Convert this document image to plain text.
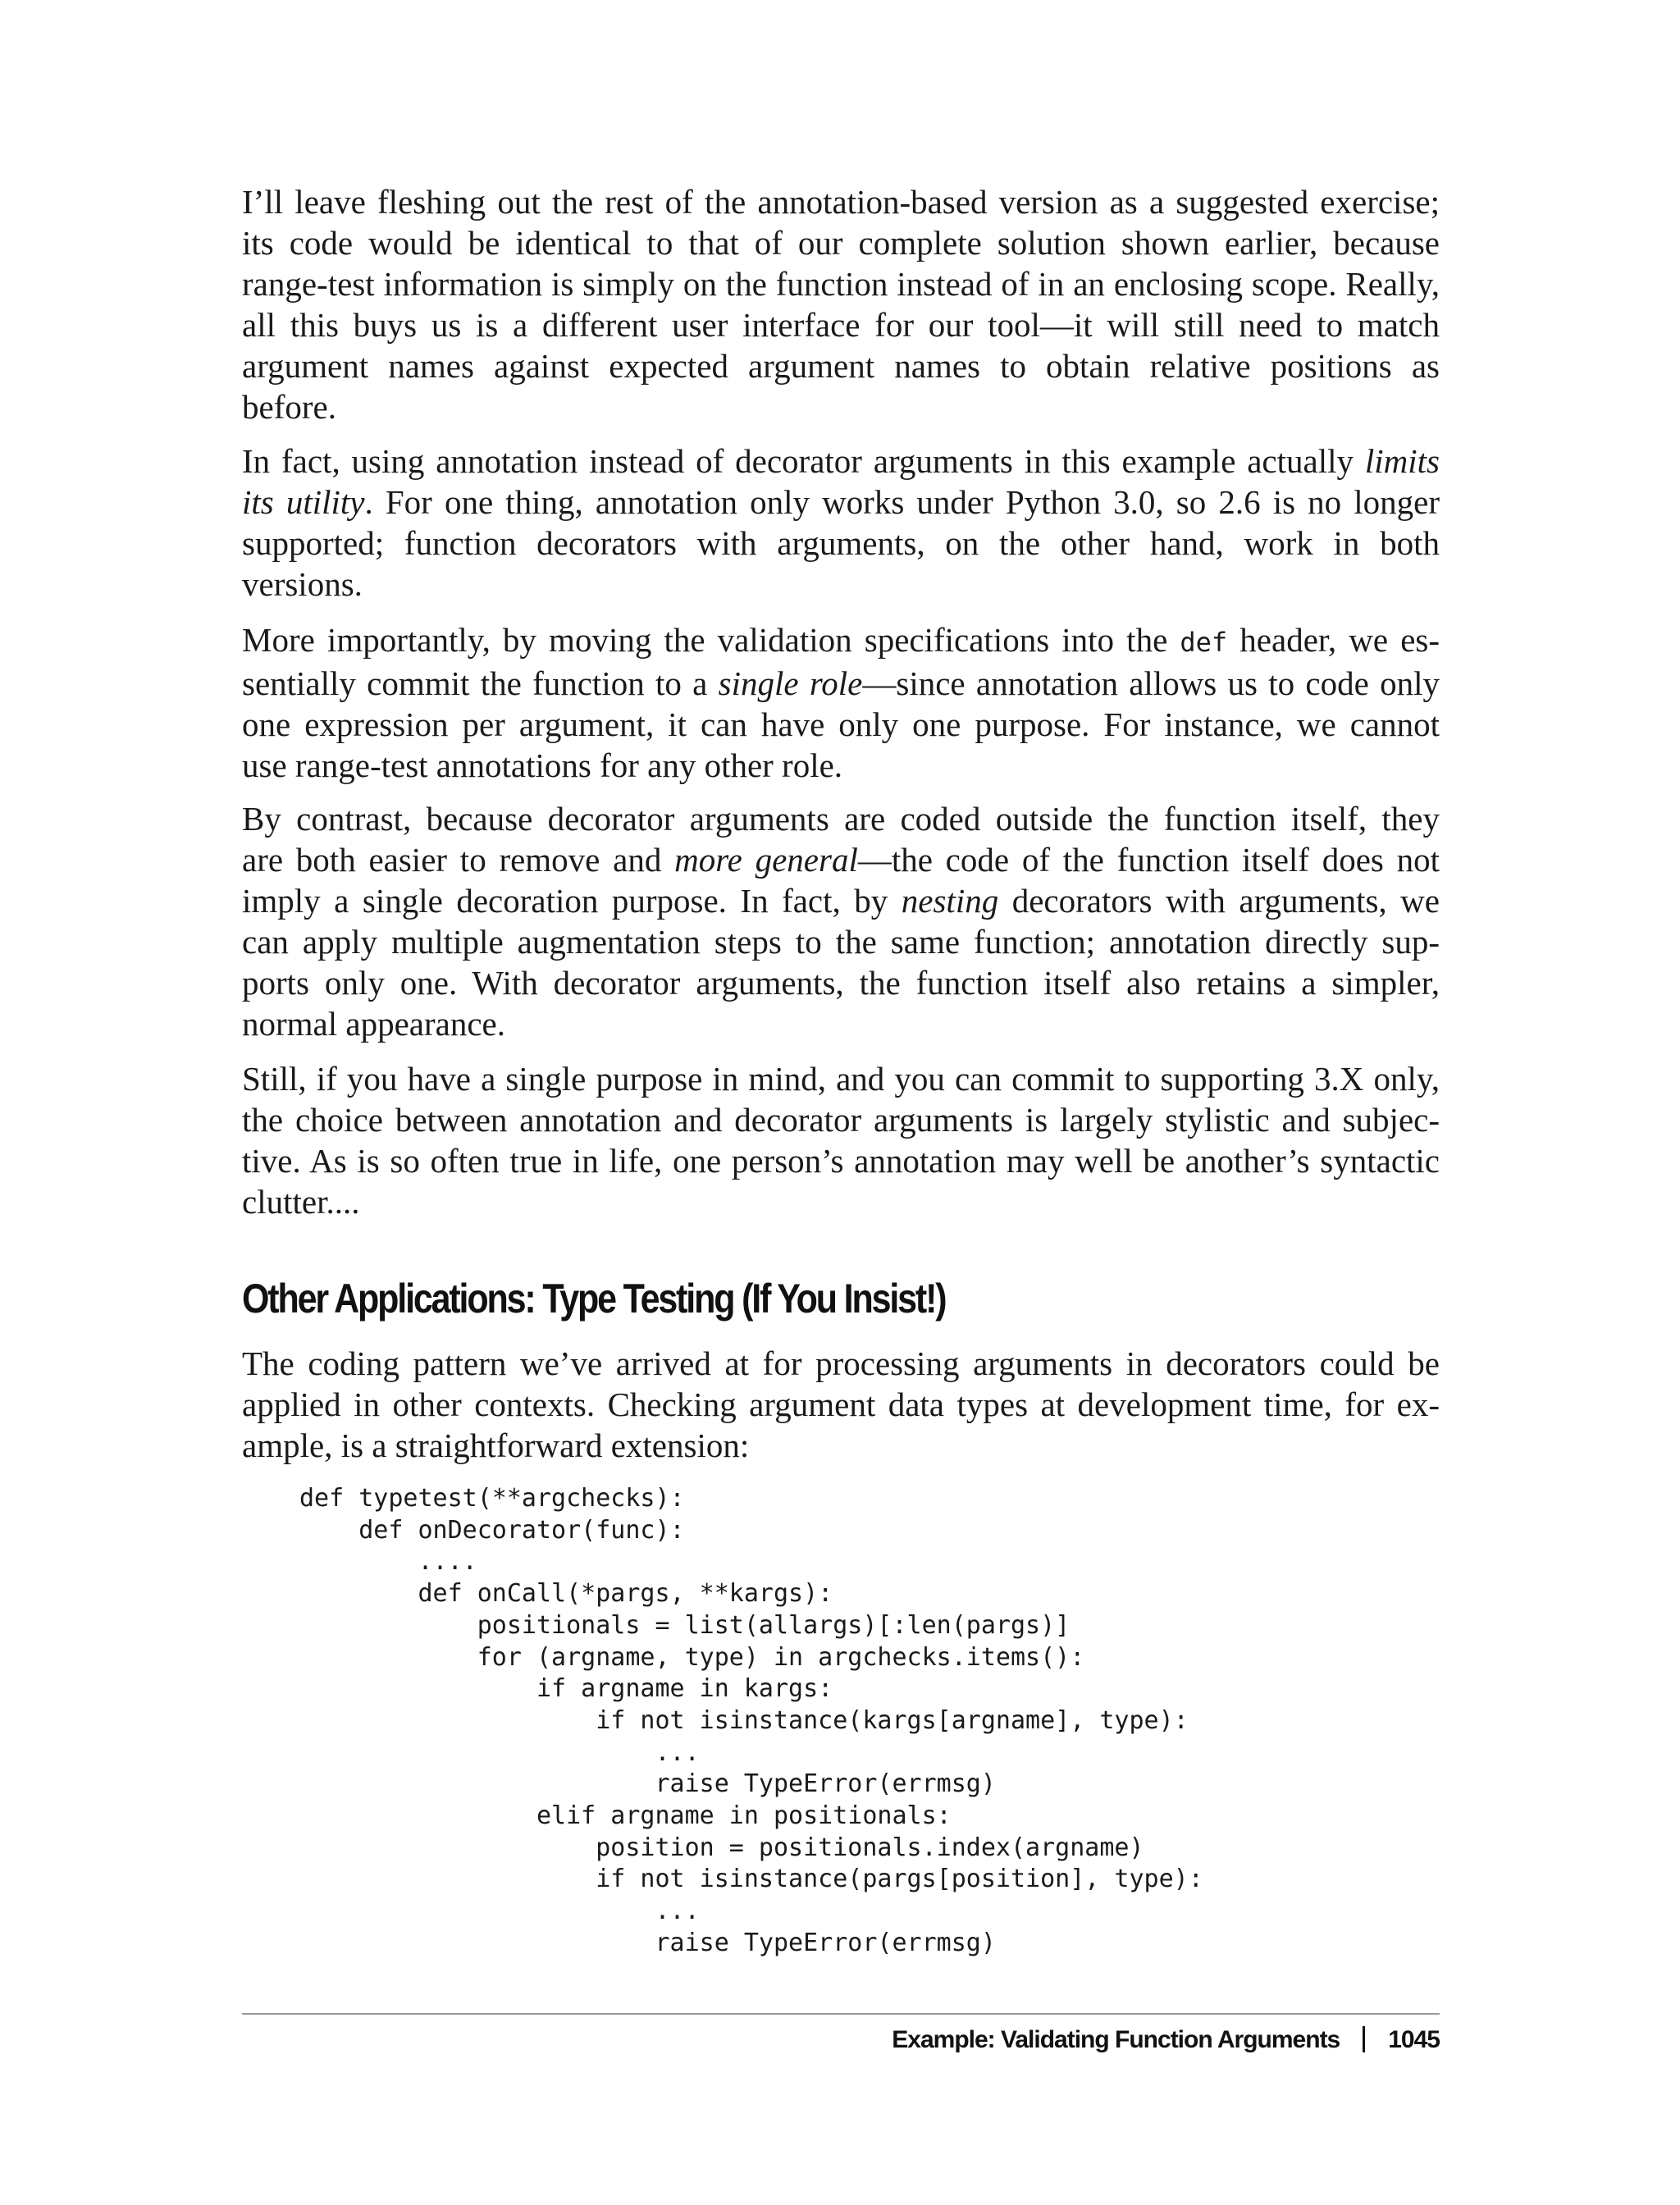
I’ll leave fleshing out the rest of the annotation-based version as a suggested exercise;
its code would be identical to that of our complete solution shown earlier, because
range-test information is simply on the function instead of in an enclosing scope. Really,
all this buys us is a different user interface for our tool—it will still need to match
argument names against expected argument names to obtain relative positions as
before.

In fact, using annotation instead of decorator arguments in this example actually limits
its utility. For one thing, annotation only works under Python 3.0, so 2.6 is no longer
supported; function decorators with arguments, on the other hand, work in both
versions.

More importantly, by moving the validation specifications into the def header, we es-
sentially commit the function to a single role—since annotation allows us to code only
one expression per argument, it can have only one purpose. For instance, we cannot
use range-test annotations for any other role.

By contrast, because decorator arguments are coded outside the function itself, they
are both easier to remove and more general—the code of the function itself does not
imply a single decoration purpose. In fact, by nesting decorators with arguments, we
can apply multiple augmentation steps to the same function; annotation directly sup-
ports only one. With decorator arguments, the function itself also retains a simpler,
normal appearance.

Still, if you have a single purpose in mind, and you can commit to supporting 3.X only,
the choice between annotation and decorator arguments is largely stylistic and subjec-
tive. As is so often true in life, one person’s annotation may well be another’s syntactic
clutter....

Other Applications: Type Testing (If You Insist!)

The coding pattern we’ve arrived at for processing arguments in decorators could be
applied in other contexts. Checking argument data types at development time, for ex-
ample, is a straightforward extension:

def typetest(**argchecks):
def onDecorator(func):
....
def onCall(*pargs, **kargs):
positionals = list(allargs)[:len(pargs)]
for (argname, type) in argchecks.items():
if argname in kargs:
if not isinstance(kargs[argname], type):
...
raise TypeError(errmsg)
elif argname in positionals:
position = positionals.index(argname)
if not isinstance(pargs[position], type):
...
raise TypeError(errmsg)
Example: Validating Function Arguments 1045
